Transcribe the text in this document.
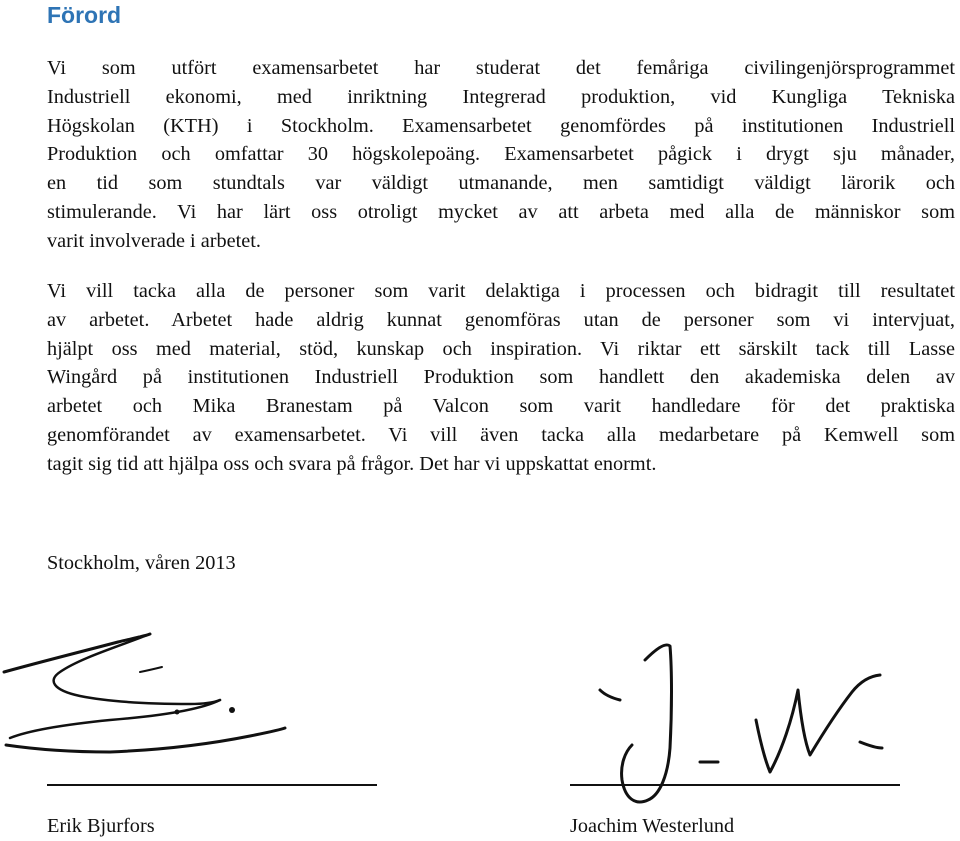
Förord
Vi som utfört examensarbetet har studerat det femåriga civilingenjörsprogrammet
Industriell ekonomi, med inriktning Integrerad produktion, vid Kungliga Tekniska
Högskolan (KTH) i Stockholm. Examensarbetet genomfördes på institutionen Industriell
Produktion och omfattar 30 högskolepoäng. Examensarbetet pågick i drygt sju månader,
en tid som stundtals var väldigt utmanande, men samtidigt väldigt lärorik och
stimulerande. Vi har lärt oss otroligt mycket av att arbeta med alla de människor som
varit involverade i arbetet.
Vi vill tacka alla de personer som varit delaktiga i processen och bidragit till resultatet
av arbetet. Arbetet hade aldrig kunnat genomföras utan de personer som vi intervjuat,
hjälpt oss med material, stöd, kunskap och inspiration. Vi riktar ett särskilt tack till Lasse
Wingård på institutionen Industriell Produktion som handlett den akademiska delen av
arbetet och Mika Branestam på Valcon som varit handledare för det praktiska
genomförandet av examensarbetet. Vi vill även tacka alla medarbetare på Kemwell som
tagit sig tid att hjälpa oss och svara på frågor. Det har vi uppskattat enormt.

Stockholm, våren 2013

Erik Bjurfors	Joachim Westerlund
